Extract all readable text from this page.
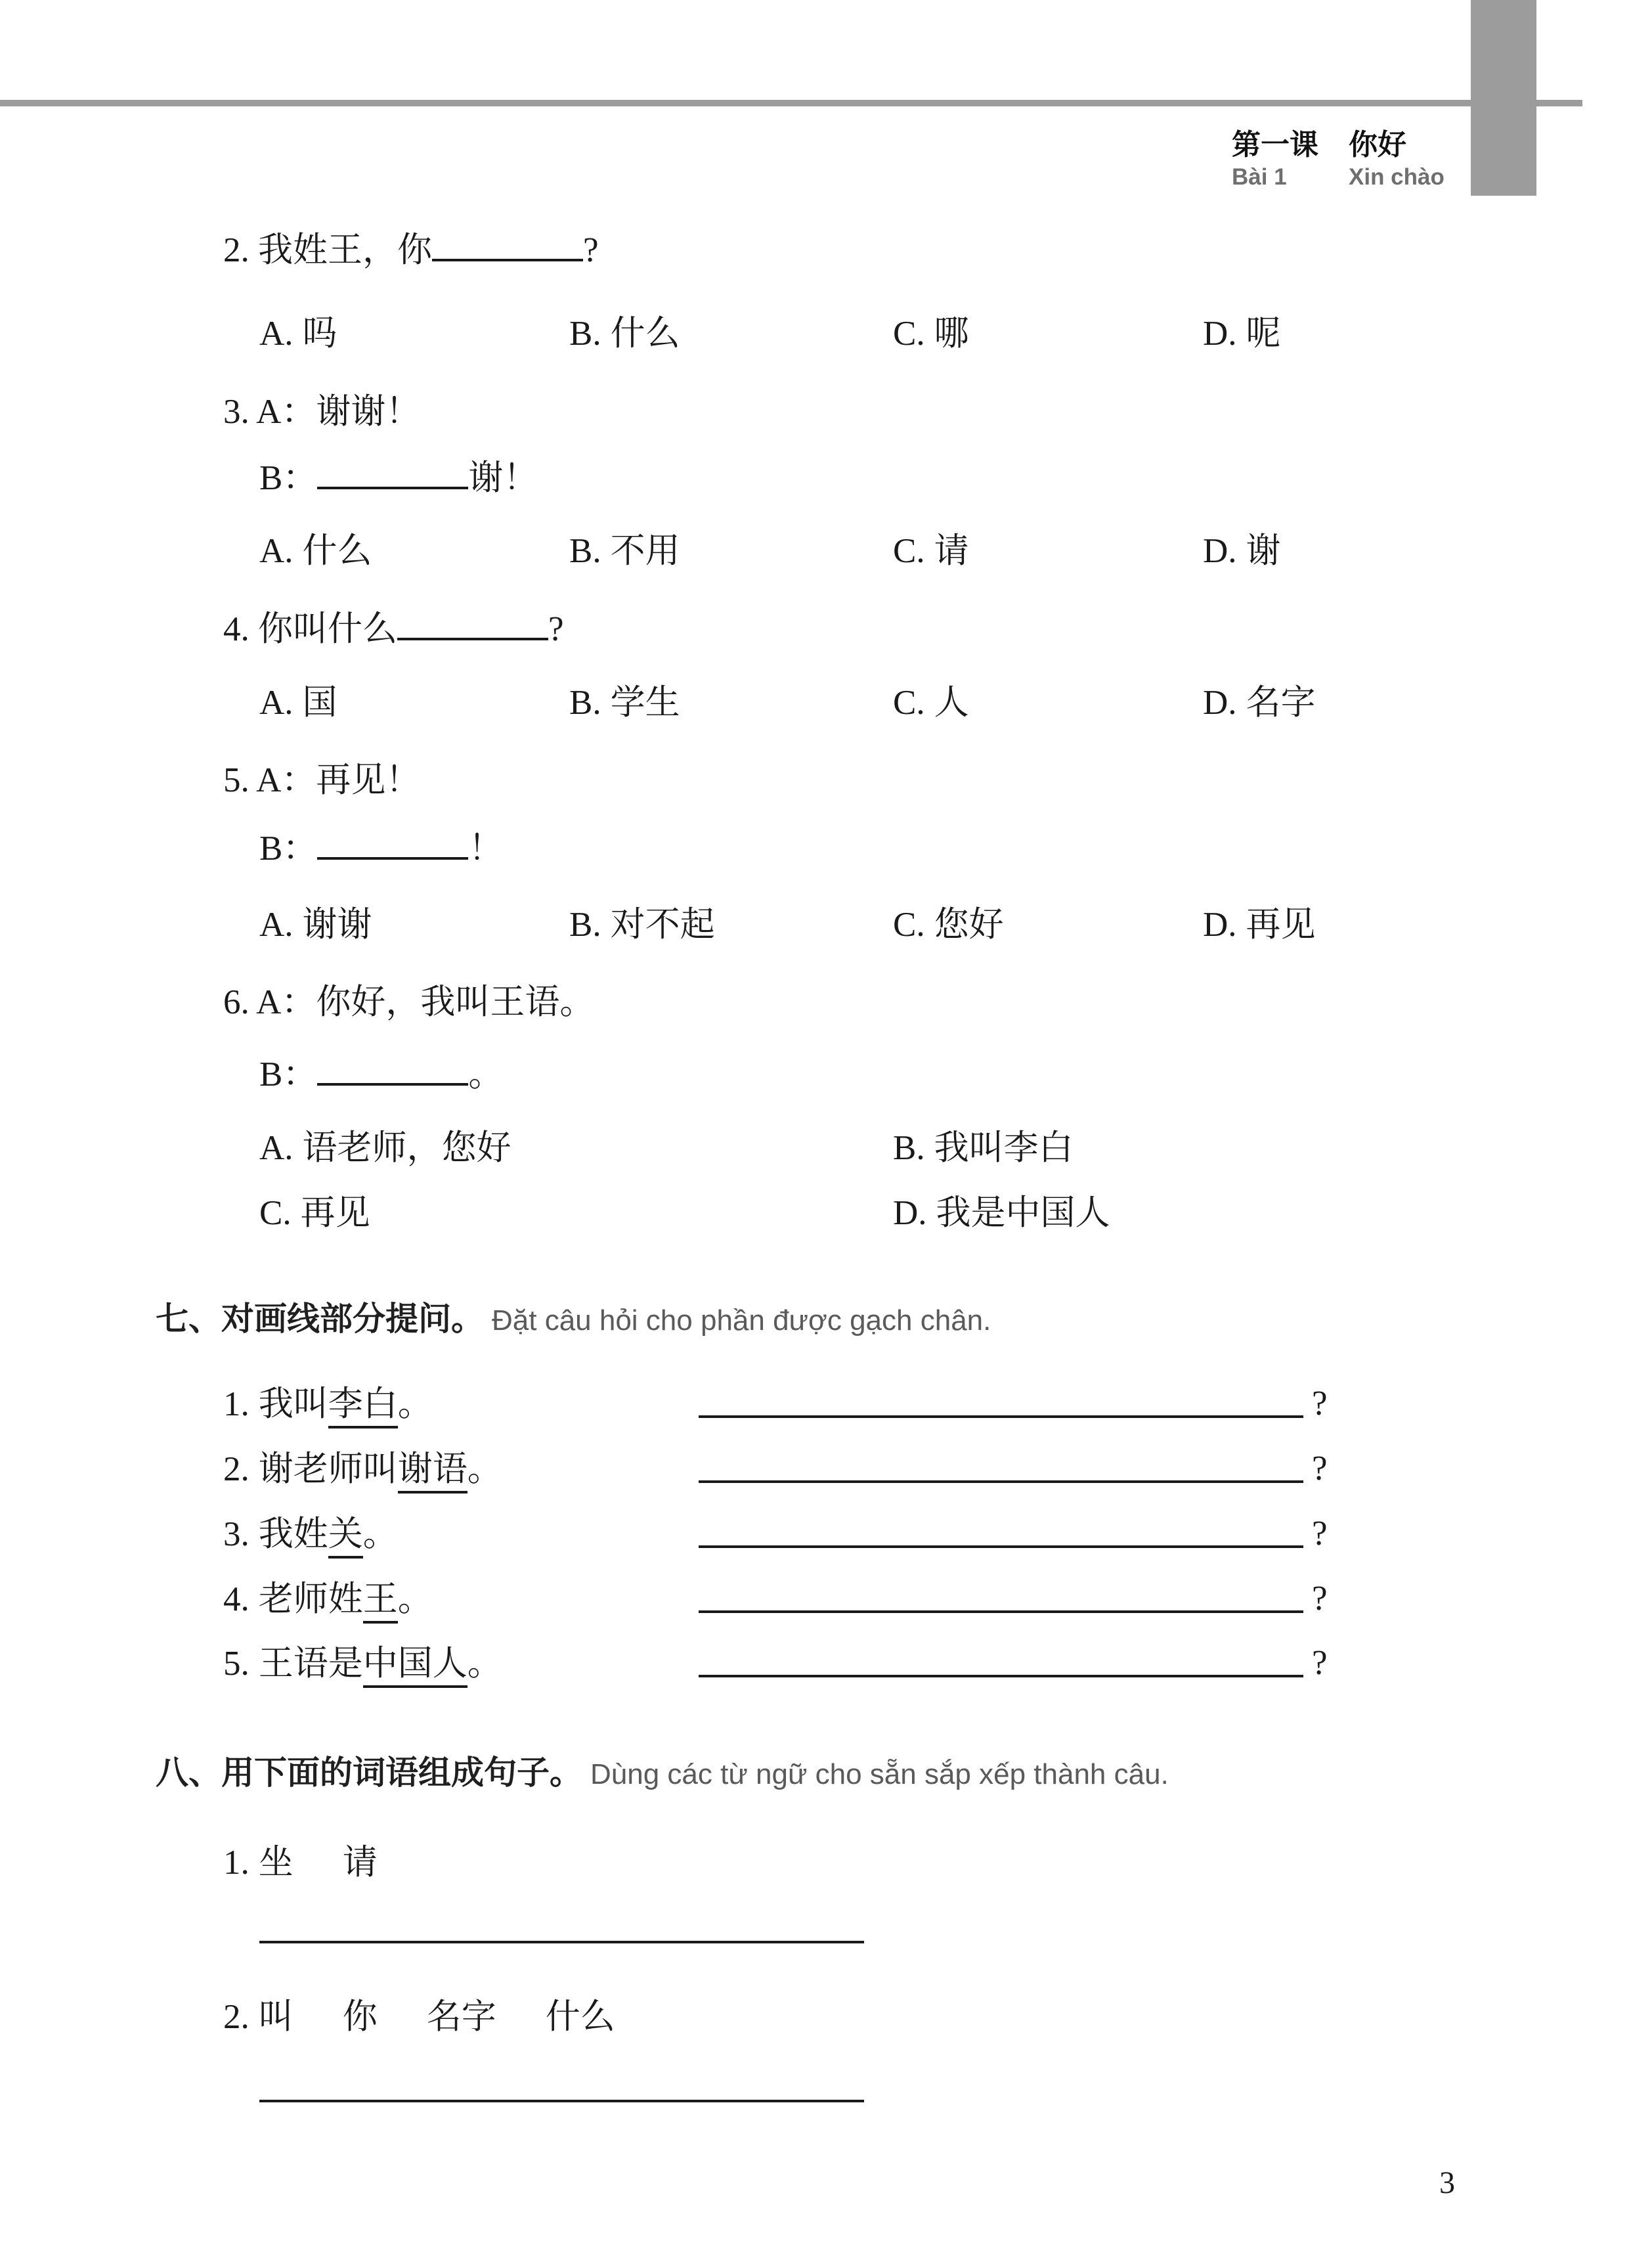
第一课
Bài 1
你好
Xin chào
2. 我姓王，你	?
A. 吗	B. 什么	C. 哪	D. 呢
3. A：谢谢！
B：	谢！
A. 什么	B. 不用	C. 请	D. 谢
4. 你叫什么	?
A. 国	B. 学生	C. 人	D. 名字
5. A：再见！
B：	！
A. 谢谢	B. 对不起	C. 您好	D. 再见
6. A：你好，我叫王语。
B：	。
A. 语老师，您好	B. 我叫李白
C. 再见	D. 我是中国人
七、对画线部分提问。 Đặt câu hỏi cho phần được gạch chân.
1. 我叫李白。	?
2. 谢老师叫谢语。	?
3. 我姓关。	?
4. 老师姓王。	?
5. 王语是中国人。	?
八、用下面的词语组成句子。 Dùng các từ ngữ cho sẵn sắp xếp thành câu.
1. 坐 请
2. 叫 你 名字 什么
3
